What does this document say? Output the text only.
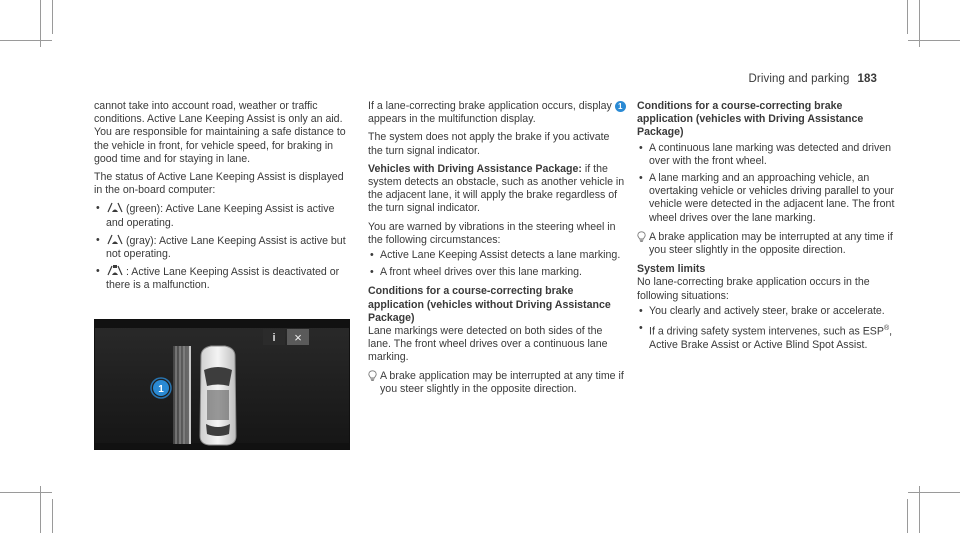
Driving and parking 183

cannot take into account road, weather or traffic conditions. Active Lane Keeping Assist is only an aid. You are responsible for maintaining a safe distance to the vehicle in front, for vehicle speed, for braking in good time and for staying in lane.

The status of Active Lane Keeping Assist is displayed in the on-board computer:

• (green): Active Lane Keeping Assist is active and operating.
• (gray): Active Lane Keeping Assist is active but not operating.
• : Active Lane Keeping Assist is deactivated or there is a malfunction.
i ×
1

If a lane-correcting brake application occurs, display 1 appears in the multifunction display.

The system does not apply the brake if you activate the turn signal indicator.

Vehicles with Driving Assistance Package: if the system detects an obstacle, such as another vehicle in the adjacent lane, it will apply the brake regardless of the turn signal indicator.

You are warned by vibrations in the steering wheel in the following circumstances:

• Active Lane Keeping Assist detects a lane marking.
• A front wheel drives over this lane marking.
Conditions for a course-correcting brake application (vehicles without Driving Assistance Package)

Lane markings were detected on both sides of the lane. The front wheel drives over a continuous lane marking.

A brake application may be interrupted at any time if you steer slightly in the opposite direction.
Conditions for a course-correcting brake application (vehicles with Driving Assistance Package)
• A continuous lane marking was detected and driven over with the front wheel.
• A lane marking and an approaching vehicle, an overtaking vehicle or vehicles driving parallel to your vehicle were detected in the adjacent lane. The front wheel drives over the lane marking.
A brake application may be interrupted at any time if you steer slightly in the opposite direction.
System limits

No lane-correcting brake application occurs in the following situations:

• You clearly and actively steer, brake or accelerate.
• If a driving safety system intervenes, such as ESP®, Active Brake Assist or Active Blind Spot Assist.
